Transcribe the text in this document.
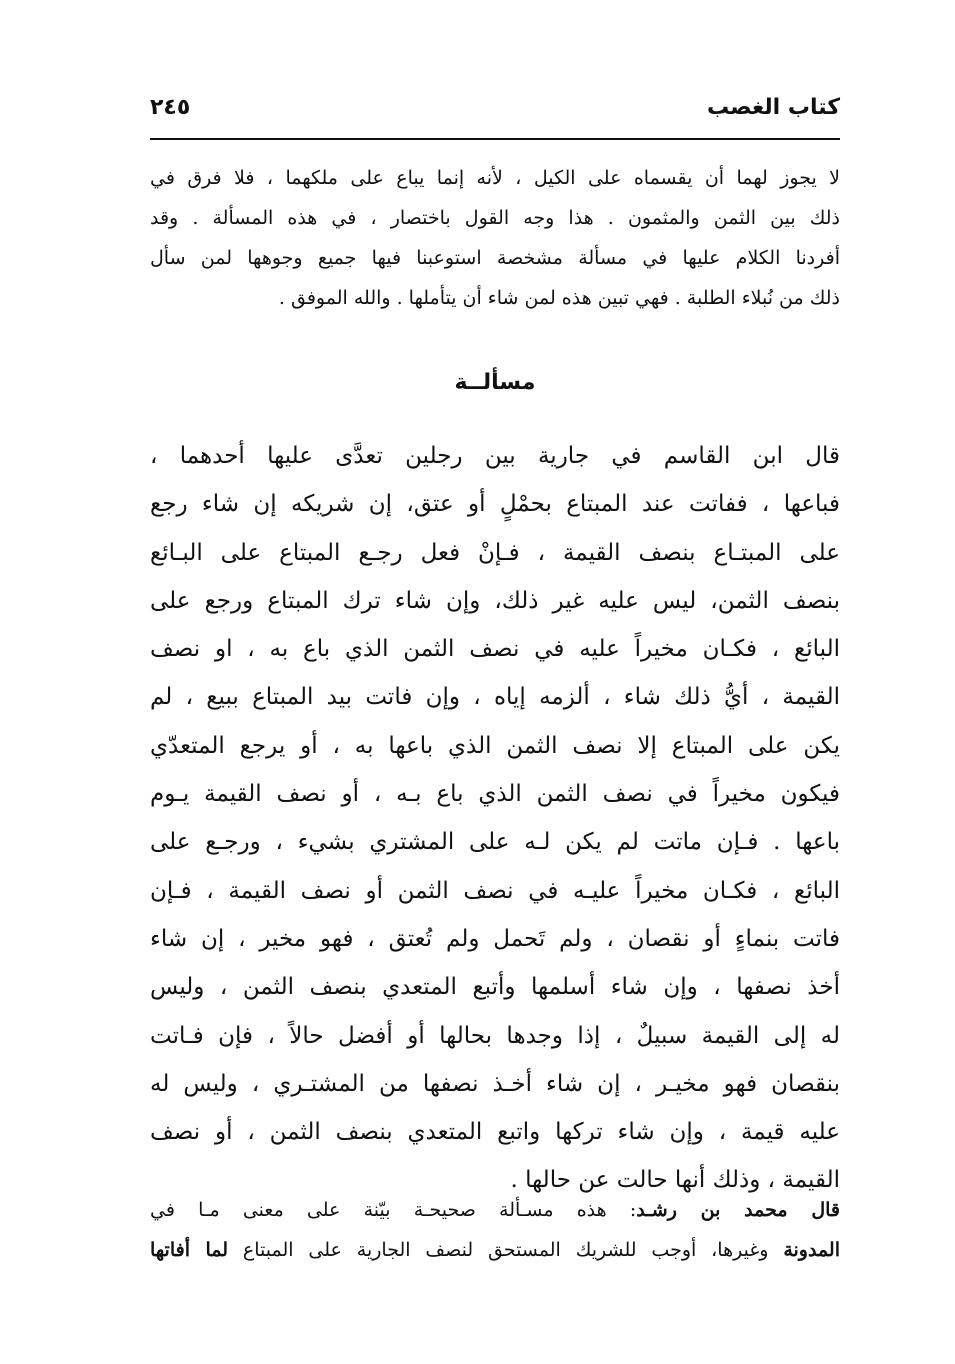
كتاب الغصب
٢٤٥
لا يجوز لهما أن يقسماه على الكيل ، لأنه إنما يباع على ملكهما ، فلا فرق في
ذلك بين الثمن والمثمون . هذا وجه القول باختصار ، في هذه المسألة . وقد
أفردنا الكلام عليها في مسألة مشخصة استوعبنا فيها جميع وجوهها لمن سأل
ذلك من نُبلاء الطلبة . فهي تبين هذه لمن شاء أن يتأملها . والله الموفق .
مسألــة
قال ابن القاسم في جارية بين رجلين تعدَّى عليها أحدهما ،
فباعها ، ففاتت عند المبتاع بحمْلٍ أو عتق، إن شريكه إن شاء رجع
على المبتـاع بنصف القيمة ، فـإنْ فعل رجـع المبتاع على البـائع
بنصف الثمن، ليس عليه غير ذلك، وإن شاء ترك المبتاع ورجع على
البائع ، فكـان مخيراً عليه في نصف الثمن الذي باع به ، او نصف
القيمة ، أيُّ ذلك شاء ، ألزمه إياه ، وإن فاتت بيد المبتاع ببيع ، لم
يكن على المبتاع إلا نصف الثمن الذي باعها به ، أو يرجع المتعدّي
فيكون مخيراً في نصف الثمن الذي باع بـه ، أو نصف القيمة يـوم
باعها . فـإن ماتت لم يكن لـه على المشتري بشيء ، ورجـع على
البائع ، فكـان مخيراً عليـه في نصف الثمن أو نصف القيمة ، فـإن
فاتت بنماءٍ أو نقصان ، ولم تَحمل ولم تُعتق ، فهو مخير ، إن شاء
أخذ نصفها ، وإن شاء أسلمها وأتبع المتعدي بنصف الثمن ، وليس
له إلى القيمة سبيلٌ ، إذا وجدها بحالها أو أفضل حالاً ، فإن فـاتت
بنقصان فهو مخيـر ، إن شاء أخـذ نصفها من المشتـري ، وليس له
عليه قيمة ، وإن شاء تركها واتبع المتعدي بنصف الثمن ، أو نصف
القيمة ، وذلك أنها حالت عن حالها .
قال محمد بن رشـد: هذه مسـألة صحيحـة بيّنة على معنى مـا في
المدونة وغيرها، أوجب للشريك المستحق لنصف الجارية على المبتاع لما أفاتها
